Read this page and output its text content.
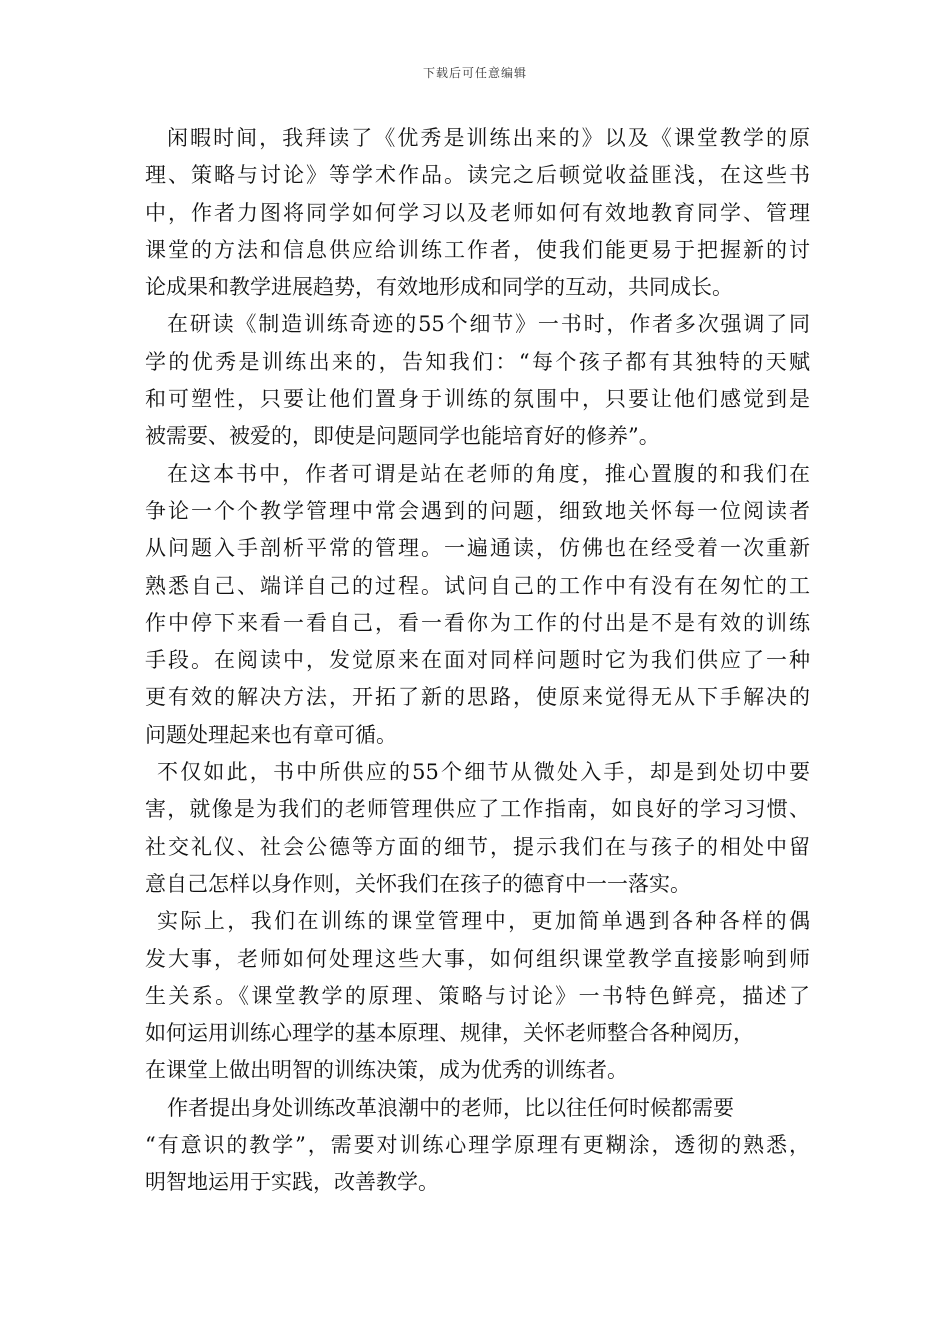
下载后可任意编辑
闲暇时间，我拜读了《优秀是训练出来的》以及《课堂教学的原
理、策略与讨论》等学术作品。读完之后顿觉收益匪浅，在这些书
中，作者力图将同学如何学习以及老师如何有效地教育同学、管理
课堂的方法和信息供应给训练工作者，使我们能更易于把握新的讨
论成果和教学进展趋势，有效地形成和同学的互动，共同成长。
在研读《制造训练奇迹的55个细节》一书时，作者多次强调了同
学的优秀是训练出来的，告知我们：“每个孩子都有其独特的天赋
和可塑性，只要让他们置身于训练的氛围中，只要让他们感觉到是
被需要、被爱的，即使是问题同学也能培育好的修养”。
在这本书中，作者可谓是站在老师的角度，推心置腹的和我们在
争论一个个教学管理中常会遇到的问题，细致地关怀每一位阅读者
从问题入手剖析平常的管理。一遍通读，仿佛也在经受着一次重新
熟悉自己、端详自己的过程。试问自己的工作中有没有在匆忙的工
作中停下来看一看自己，看一看你为工作的付出是不是有效的训练
手段。在阅读中，发觉原来在面对同样问题时它为我们供应了一种
更有效的解决方法，开拓了新的思路，使原来觉得无从下手解决的
问题处理起来也有章可循。
不仅如此，书中所供应的55个细节从微处入手，却是到处切中要
害，就像是为我们的老师管理供应了工作指南，如良好的学习习惯、
社交礼仪、社会公德等方面的细节，提示我们在与孩子的相处中留
意自己怎样以身作则，关怀我们在孩子的德育中一一落实。
实际上，我们在训练的课堂管理中，更加简单遇到各种各样的偶
发大事，老师如何处理这些大事，如何组织课堂教学直接影响到师
生关系。《课堂教学的原理、策略与讨论》一书特色鲜亮，描述了
如何运用训练心理学的基本原理、规律，关怀老师整合各种阅历，
在课堂上做出明智的训练决策，成为优秀的训练者。
作者提出身处训练改革浪潮中的老师，比以往任何时候都需要
“有意识的教学”，需要对训练心理学原理有更糊涂，透彻的熟悉，
明智地运用于实践，改善教学。
